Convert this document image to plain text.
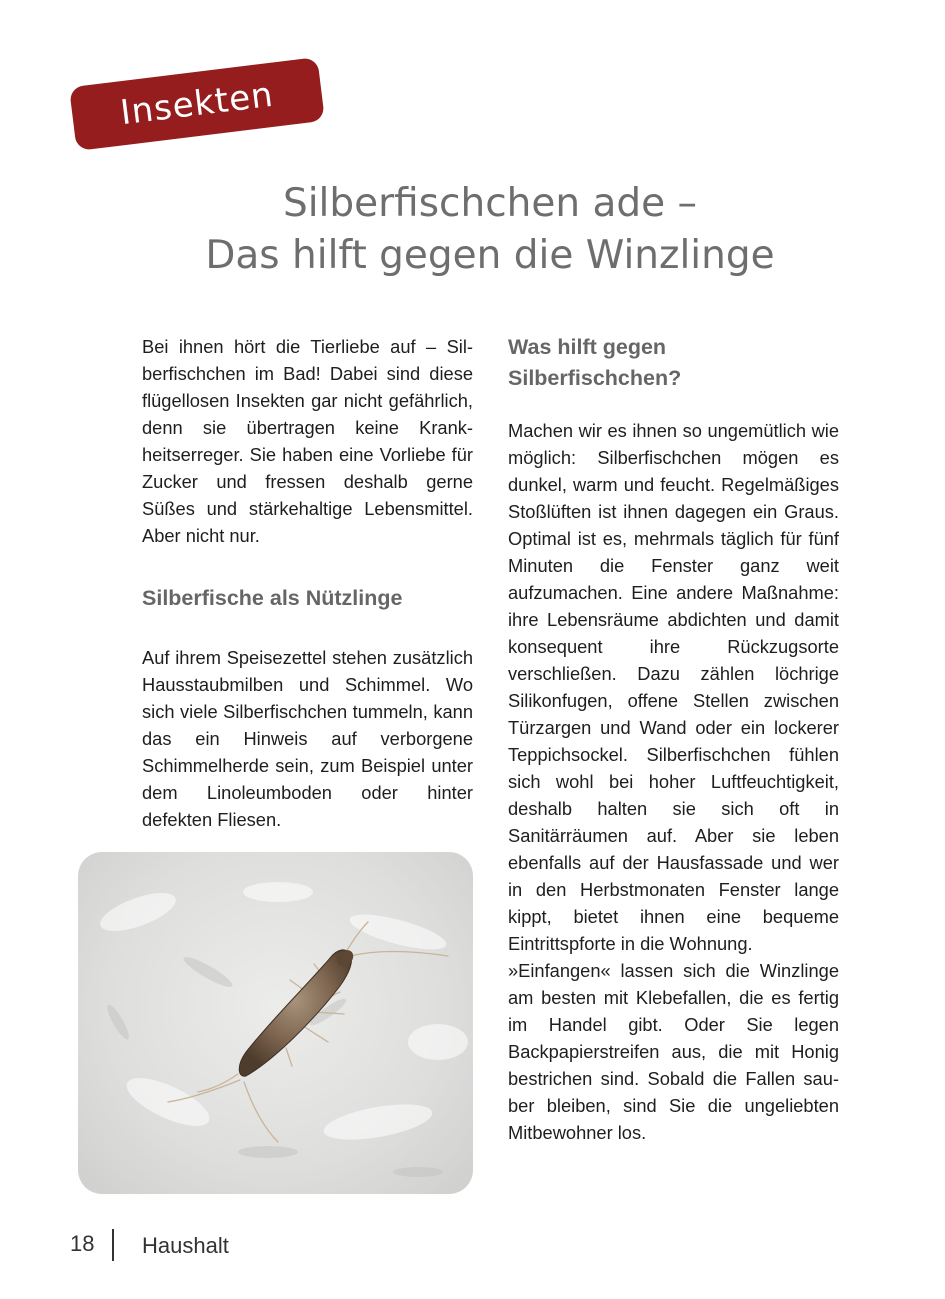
Insekten
Silberfischchen ade –
Das hilft gegen die Winzlinge

Bei ihnen hört die Tierliebe auf – Silberfischchen im Bad! Dabei sind diese flügellosen Insekten gar nicht gefährlich, denn sie übertragen keine Krankheitserreger. Sie haben eine Vorliebe für Zucker und fressen deshalb gerne Süßes und stärkehaltige Lebensmittel. Aber nicht nur.

Silberfische als Nützlinge

Auf ihrem Speisezettel stehen zusätzlich Hausstaubmilben und Schimmel. Wo sich viele Silberfischchen tummeln, kann das ein Hinweis auf verborgene Schimmelherde sein, zum Beispiel unter dem Linoleumboden oder hinter defekten Fliesen.

Was hilft gegen Silberfischchen?

Machen wir es ihnen so ungemütlich wie möglich: Silberfischchen mögen es dunkel, warm und feucht. Regelmäßiges Stoßlüften ist ihnen dagegen ein Graus. Optimal ist es, mehrmals täglich für fünf Minuten die Fenster ganz weit aufzumachen. Eine andere Maßnahme: ihre Lebensräume abdichten und damit konsequent ihre Rückzugsorte verschließen. Dazu zählen löchrige Silikonfugen, offene Stellen zwischen Türzargen und Wand oder ein lockerer Teppichsockel. Silberfischchen fühlen sich wohl bei hoher Luftfeuchtigkeit, deshalb halten sie sich oft in Sanitärräumen auf. Aber sie leben ebenfalls auf der Hausfassade und wer in den Herbstmonaten Fenster lange kippt, bietet ihnen eine bequeme Eintrittspforte in die Wohnung.

»Einfangen« lassen sich die Winzlinge am besten mit Klebefallen, die es fertig im Handel gibt. Oder Sie legen Backpapierstreifen aus, die mit Honig bestrichen sind. Sobald die Fallen sauber bleiben, sind Sie die ungeliebten Mitbewohner los.

18 Haushalt
